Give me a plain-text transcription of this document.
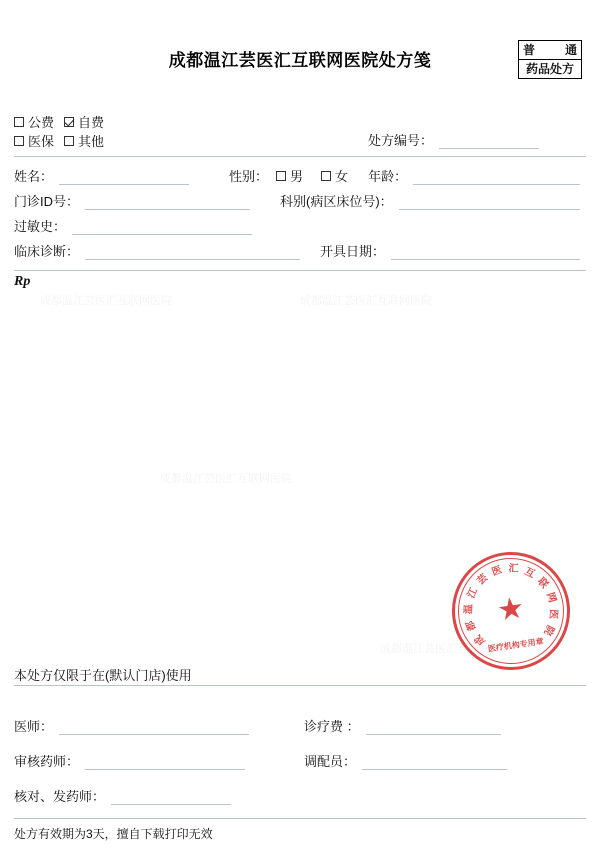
成都温江芸医汇互联网医院处方笺
普 通
药品处方
公费 自费
医保 其他	处方编号：
姓名：	性别： 男 女 年龄：
门诊ID号：	科别(病区床位号)：
过敏史：
临床诊断：	开具日期：
Rp
成都温江芸医汇互联网医院	成都温江芸医汇互联网医院
成都温江芸医汇互联网医院
成都温江芸医汇互联网医院
★
成
都
温
江
芸
医 汇 互
联
网
医
院
医疗机构专用章
本处方仅限于在(默认门店)使用
医师：	诊疗费 ：
审核药师：	调配员：
核对、发药师：
处方有效期为3天，擅自下载打印无效
